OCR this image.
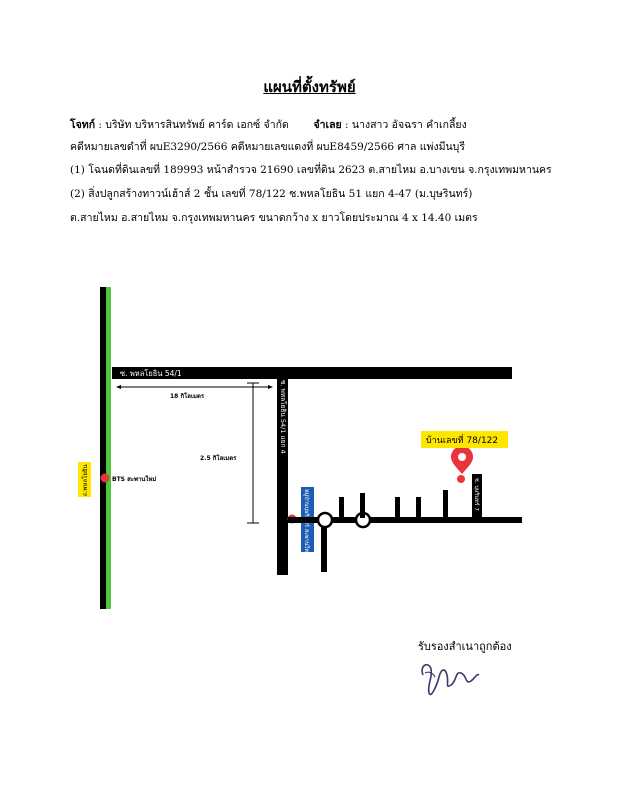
แผนที่ตั้งทรัพย์
โจทก์ : บริษัท บริหารสินทรัพย์ คาร์ด เอกซ์ จำกัด จำเลย : นางสาว อัจฉรา คำเกลี้ยง
คดีหมายเลขดำที่ ผบE3290/2566 คดีหมายเลขแดงที่ ผบE8459/2566 ศาล แพ่งมีนบุรี
(1) โฉนดที่ดินเลขที่ 189993 หน้าสำรวจ 21690 เลขที่ดิน 2623 ต.สายไหม อ.บางเขน จ.กรุงเทพมหานคร
(2) สิ่งปลูกสร้างทาวน์เฮ้าส์ 2 ชั้น เลขที่ 78/122 ซ.พหลโยธิน 51 แยก 4-47 (ม.บุษรินทร์)
ต.สายไหม อ.สายไหม จ.กรุงเทพมหานคร ขนาดกว้าง x ยาวโดยประมาณ 4 x 14.40 เมตร
ถ.พหลโยธิน	BTS สะพานใหม่
ซ. พหลโยธิน 54/1
18 กิโลเมตร
2.5 กิโลเมตร
ซ. พหลโยธิน 54/1 แยก 4
ซ. บุษรินทร์ 7
บ้านเลขที่ 78/122
รับรองสำเนาถูกต้อง
